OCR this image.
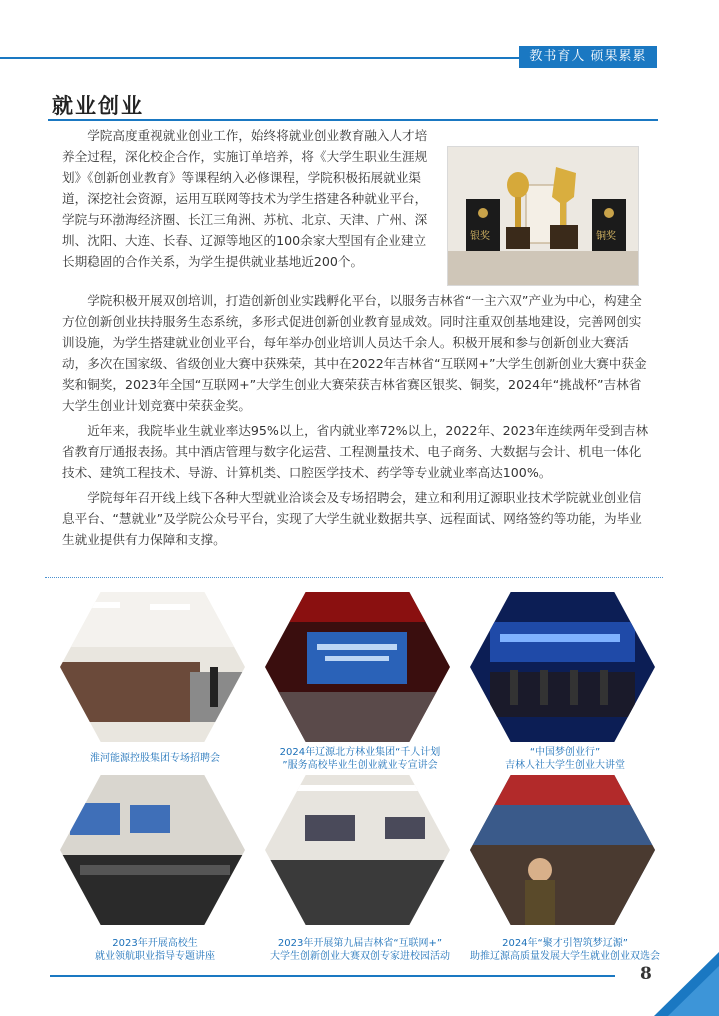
教书育人 硕果累累
就业创业

学院高度重视就业创业工作，始终将就业创业教育融入人才培养全过程，深化校企合作，实施订单培养，将《大学生职业生涯规划》《创新创业教育》等课程纳入必修课程，学院积极拓展就业渠道，深挖社会资源，运用互联网等技术为学生搭建各种就业平台，学院与环渤海经济圈、长江三角洲、苏杭、北京、天津、广州、深圳、沈阳、大连、长春、辽源等地区的100余家大型国有企业建立长期稳固的合作关系，为学生提供就业基地近200个。

银奖	铜奖

学院积极开展双创培训，打造创新创业实践孵化平台，以服务吉林省“一主六双”产业为中心，构建全方位创新创业扶持服务生态系统，多形式促进创新创业教育显成效。同时注重双创基地建设，完善网创实训设施，为学生搭建就业创业平台，每年举办创业培训人员达千余人。积极开展和参与创新创业大赛活动，多次在国家级、省级创业大赛中获殊荣，其中在2022年吉林省“互联网+”大学生创新创业大赛中获金奖和铜奖，2023年全国“互联网+”大学生创业大赛荣获吉林省赛区银奖、铜奖，2024年“挑战杯”吉林省大学生创业计划竞赛中荣获金奖。

近年来，我院毕业生就业率达95%以上，省内就业率72%以上，2022年、2023年连续两年受到吉林省教育厅通报表扬。其中酒店管理与数字化运营、工程测量技术、电子商务、大数据与会计、机电一体化技术、建筑工程技术、导游、计算机类、口腔医学技术、药学等专业就业率高达100%。

学院每年召开线上线下各种大型就业洽谈会及专场招聘会，建立和利用辽源职业技术学院就业创业信息平台、“慧就业”及学院公众号平台，实现了大学生就业数据共享、远程面试、网络签约等功能，为毕业生就业提供有力保障和支撑。

淮河能源控股集团专场招聘会
2024年辽源北方林业集团“千人计划
”服务高校毕业生创业就业专宣讲会
“中国梦创业行”
吉林人社大学生创业大讲堂
2023年开展高校生
就业领航职业指导专题讲座
2023年开展第九届吉林省“互联网+”
大学生创新创业大赛双创专家进校园活动
2024年“聚才引智筑梦辽源”
助推辽源高质量发展大学生就业创业双选会
8
